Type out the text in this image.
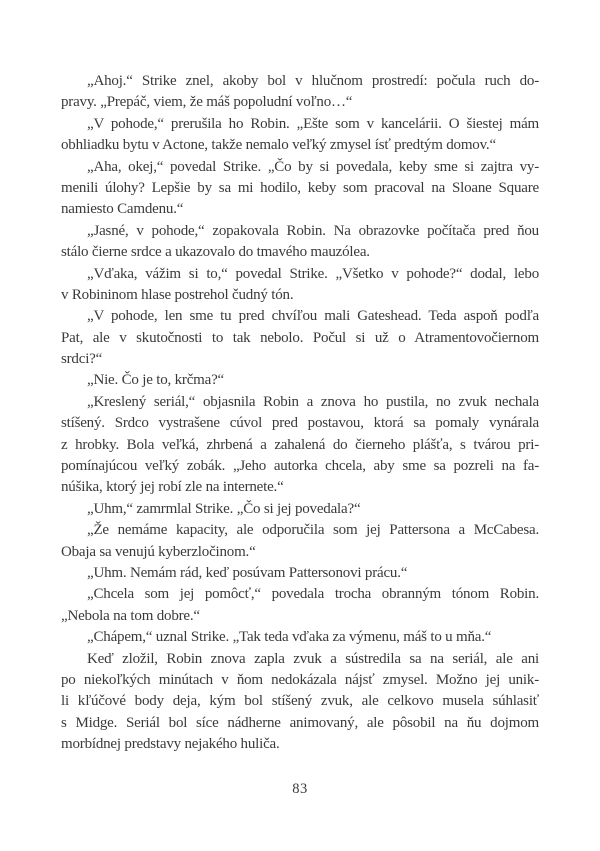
„Ahoj.“ Strike znel, akoby bol v hlučnom prostredí: počula ruch do-
pravy. „Prepáč, viem, že máš popoludní voľno…“
„V pohode,“ prerušila ho Robin. „Ešte som v kancelárii. O šiestej mám
obhliadku bytu v Actone, takže nemalo veľký zmysel ísť predtým domov.“
„Aha, okej,“ povedal Strike. „Čo by si povedala, keby sme si zajtra vy-
menili úlohy? Lepšie by sa mi hodilo, keby som pracoval na Sloane Square
namiesto Camdenu.“
„Jasné, v pohode,“ zopakovala Robin. Na obrazovke počítača pred ňou
stálo čierne srdce a ukazovalo do tmavého mauzólea.
„Vďaka, vážim si to,“ povedal Strike. „Všetko v pohode?“ dodal, lebo
v Robininom hlase postrehol čudný tón.
„V pohode, len sme tu pred chvíľou mali Gateshead. Teda aspoň podľa
Pat, ale v skutočnosti to tak nebolo. Počul si už o Atramentovočiernom
srdci?“
„Nie. Čo je to, krčma?“
„Kreslený seriál,“ objasnila Robin a znova ho pustila, no zvuk nechala
stíšený. Srdco vystrašene cúvol pred postavou, ktorá sa pomaly vynárala
z hrobky. Bola veľká, zhrbená a zahalená do čierneho plášťa, s tvárou pri-
pomínajúcou veľký zobák. „Jeho autorka chcela, aby sme sa pozreli na fa-
núšika, ktorý jej robí zle na internete.“
„Uhm,“ zamrmlal Strike. „Čo si jej povedala?“
„Že nemáme kapacity, ale odporučila som jej Pattersona a McCabesa.
Obaja sa venujú kyberzločinom.“
„Uhm. Nemám rád, keď posúvam Pattersonovi prácu.“
„Chcela som jej pomôcť,“ povedala trocha obranným tónom Robin.
„Nebola na tom dobre.“
„Chápem,“ uznal Strike. „Tak teda vďaka za výmenu, máš to u mňa.“
Keď zložil, Robin znova zapla zvuk a sústredila sa na seriál, ale ani
po niekoľkých minútach v ňom nedokázala nájsť zmysel. Možno jej unik-
li kľúčové body deja, kým bol stíšený zvuk, ale celkovo musela súhlasiť
s Midge. Seriál bol síce nádherne animovaný, ale pôsobil na ňu dojmom
morbídnej predstavy nejakého huliča.
83
